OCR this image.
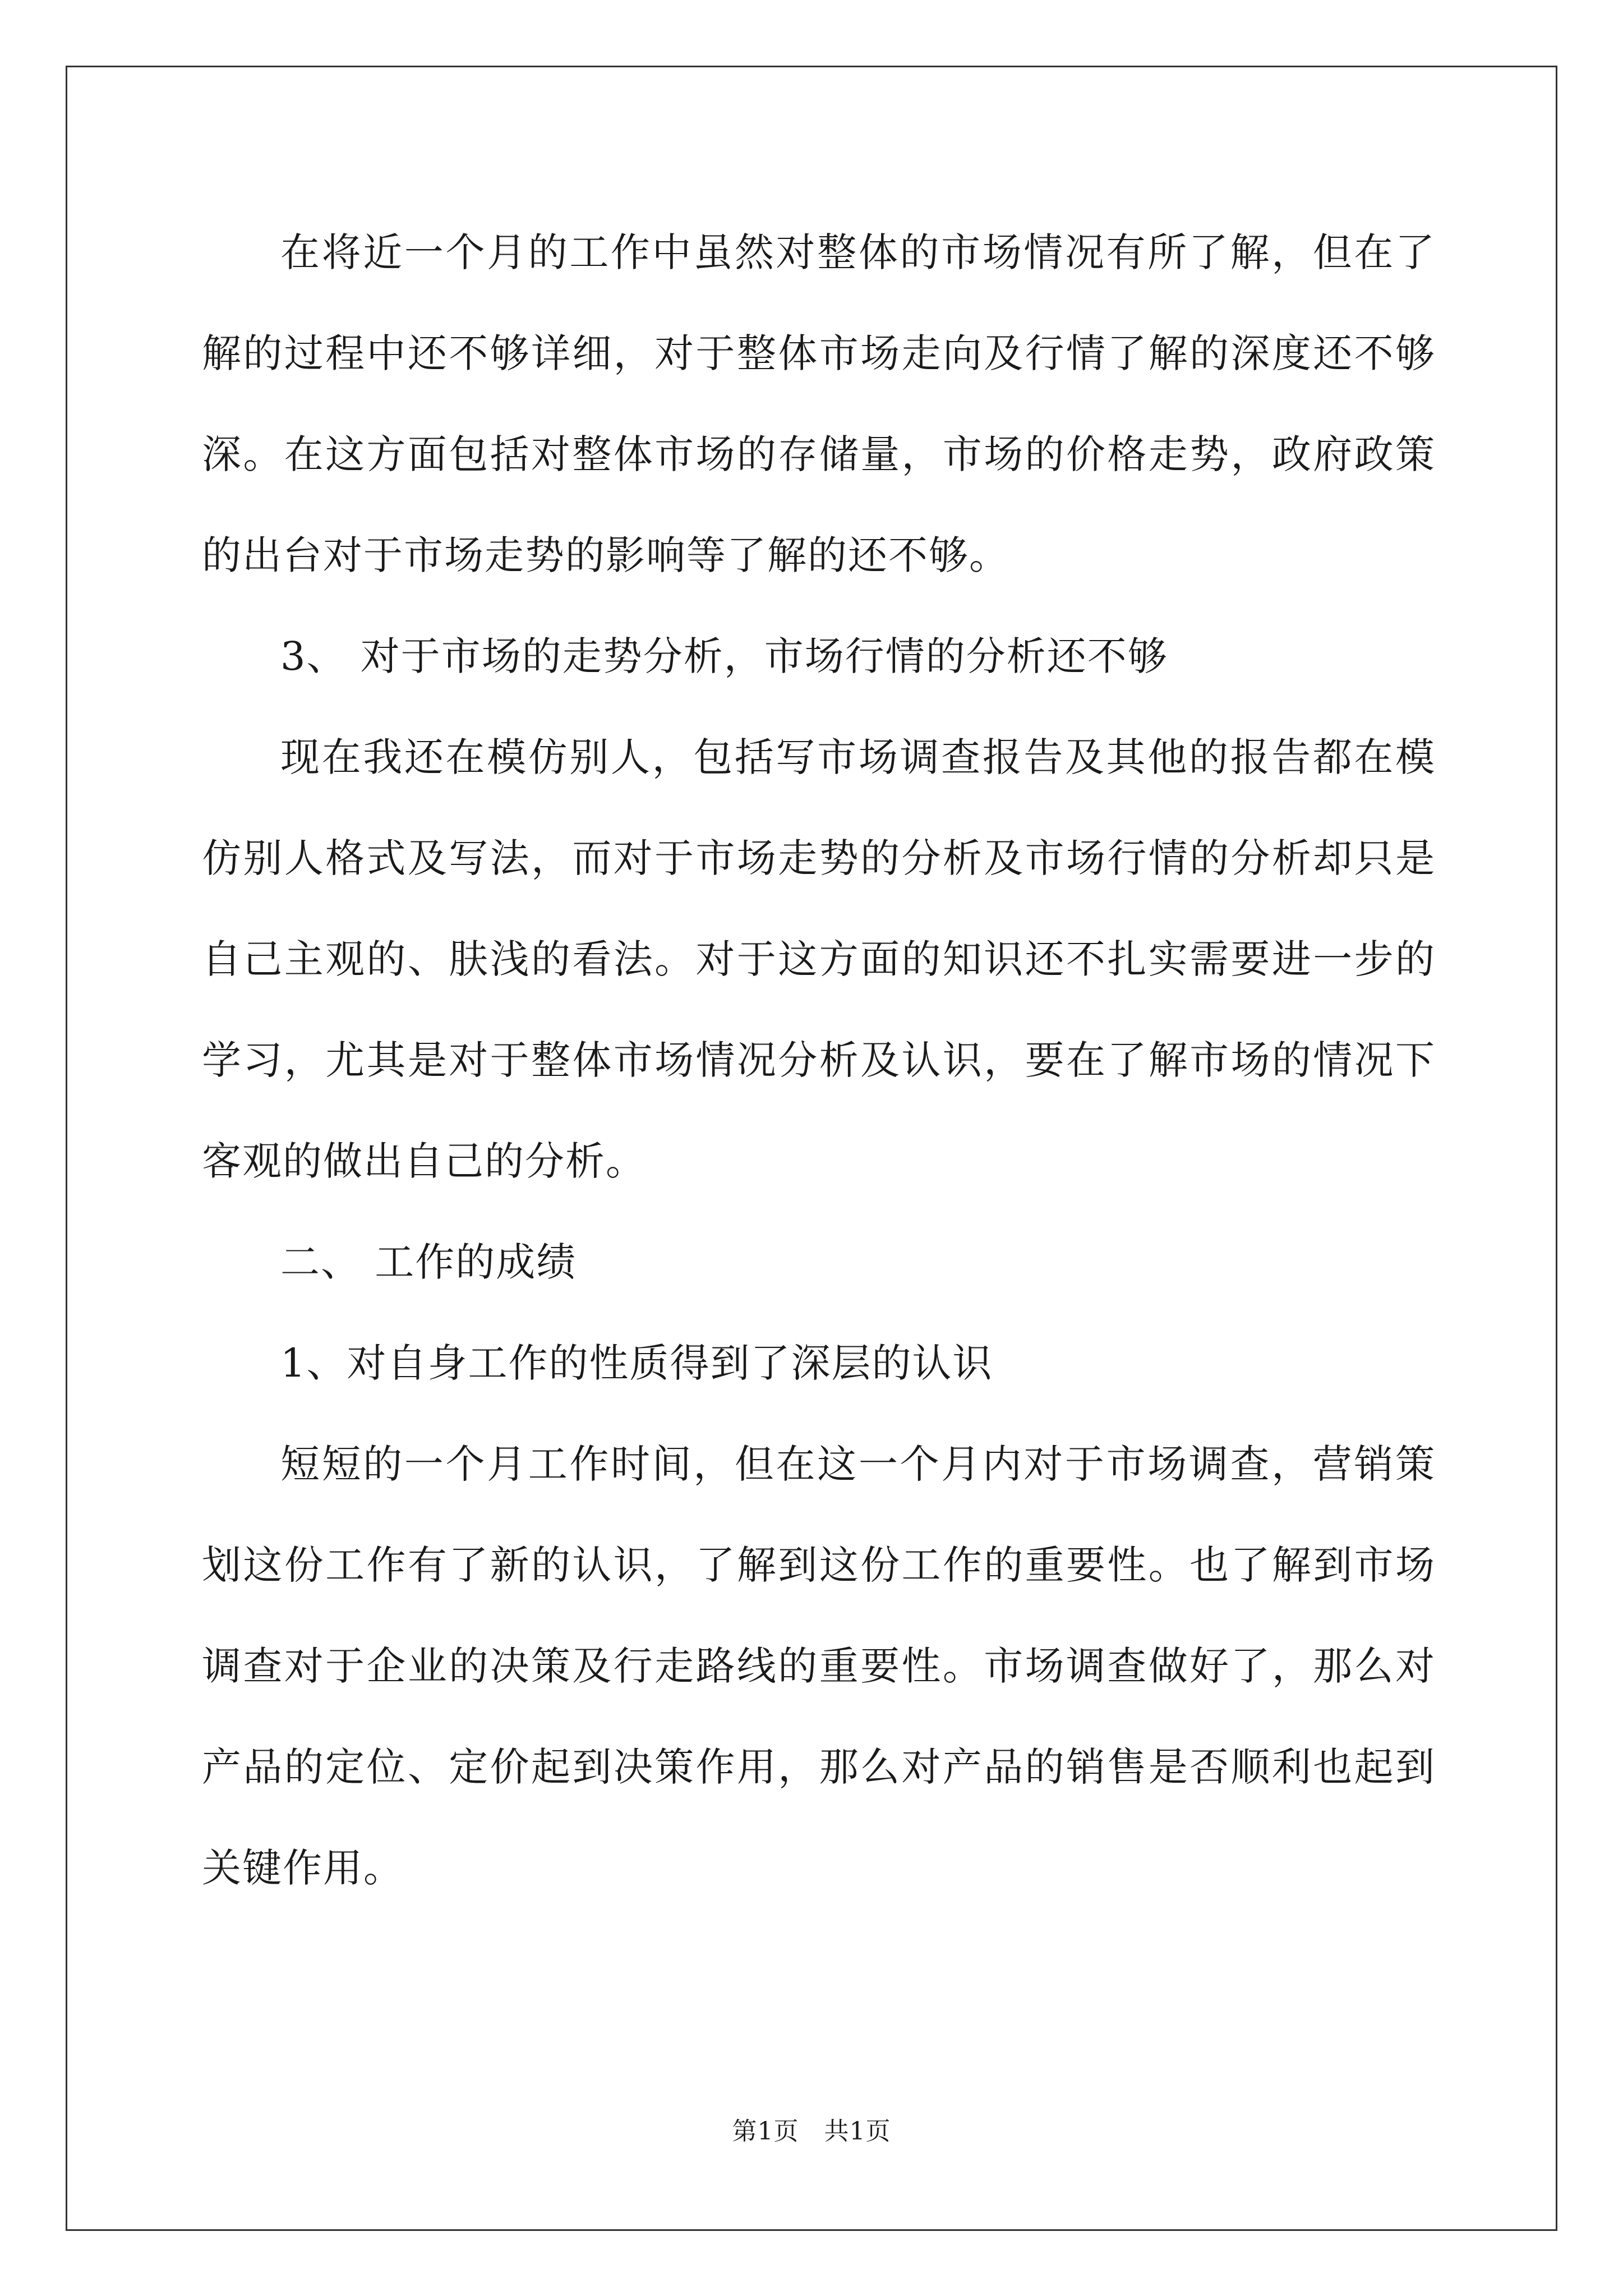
在将近一个月的工作中虽然对整体的市场情况有所了解，但在了解的过程中还不够详细，对于整体市场走向及行情了解的深度还不够深。在这方面包括对整体市场的存储量，市场的价格走势，政府政策的出台对于市场走势的影响等了解的还不够。

3、 对于市场的走势分析，市场行情的分析还不够

现在我还在模仿别人，包括写市场调查报告及其他的报告都在模仿别人格式及写法，而对于市场走势的分析及市场行情的分析却只是自己主观的、肤浅的看法。对于这方面的知识还不扎实需要进一步的学习，尤其是对于整体市场情况分析及认识，要在了解市场的情况下客观的做出自己的分析。

二、 工作的成绩

1、对自身工作的性质得到了深层的认识

短短的一个月工作时间，但在这一个月内对于市场调查，营销策划这份工作有了新的认识，了解到这份工作的重要性。也了解到市场调查对于企业的决策及行走路线的重要性。市场调查做好了，那么对产品的定位、定价起到决策作用，那么对产品的销售是否顺利也起到关键作用。

第1页　共1页
